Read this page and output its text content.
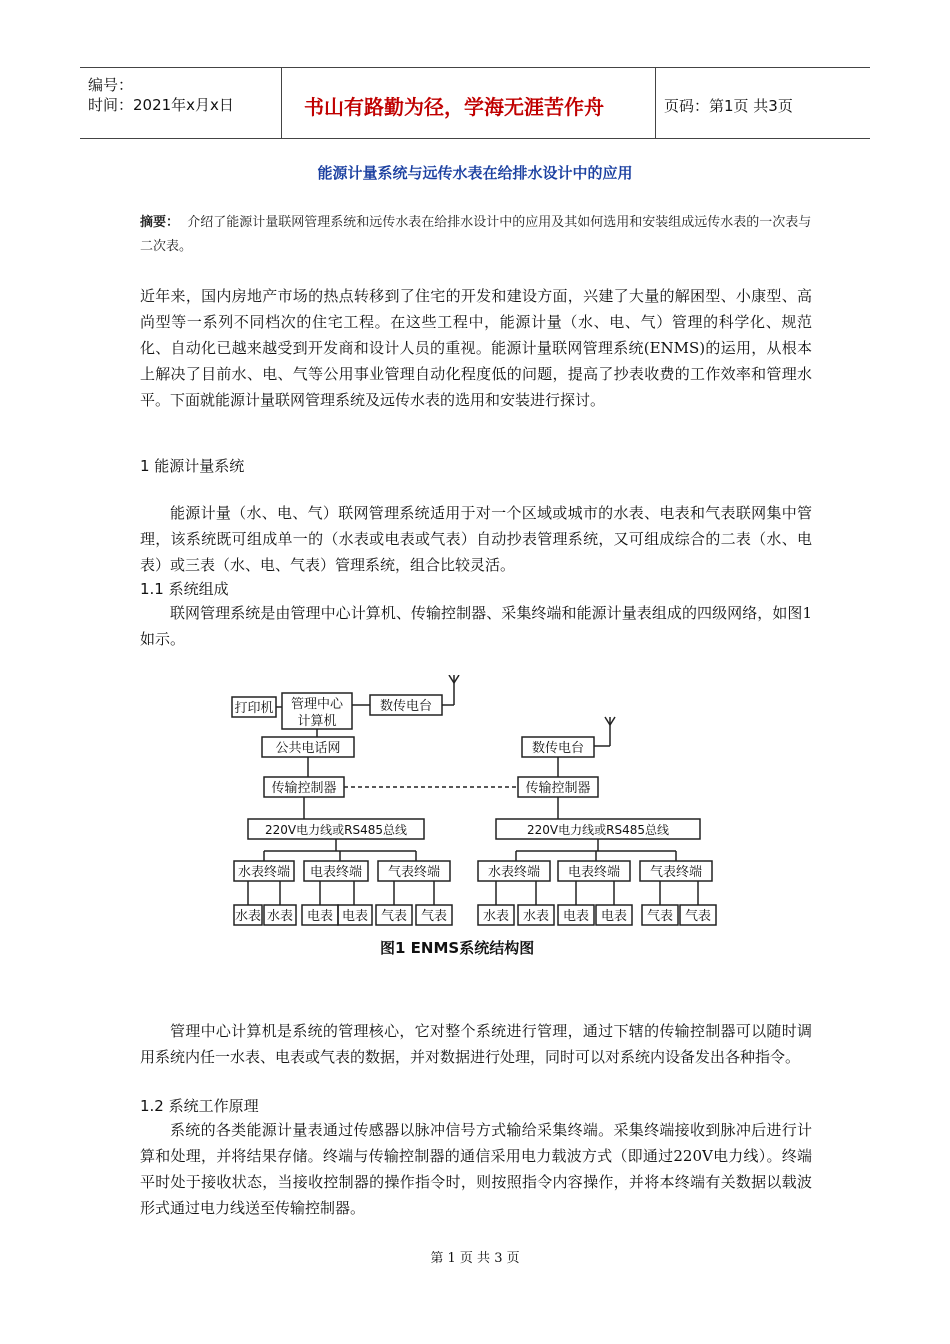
编号：
时间：2021年x月x日	书山有路勤为径，学海无涯苦作舟	页码：第1页 共3页
能源计量系统与远传水表在给排水设计中的应用
摘要： 介绍了能源计量联网管理系统和远传水表在给排水设计中的应用及其如何选用和安装组成远传水表的一次表与二次表。

近年来，国内房地产市场的热点转移到了住宅的开发和建设方面，兴建了大量的解困型、小康型、高尚型等一系列不同档次的住宅工程。在这些工程中，能源计量（水、电、气）管理的科学化、规范化、自动化已越来越受到开发商和设计人员的重视。能源计量联网管理系统(ENMS)的运用，从根本上解决了目前水、电、气等公用事业管理自动化程度低的问题，提高了抄表收费的工作效率和管理水平。下面就能源计量联网管理系统及远传水表的选用和安装进行探讨。

1 能源计量系统

能源计量（水、电、气）联网管理系统适用于对一个区域或城市的水表、电表和气表联网集中管理，该系统既可组成单一的（水表或电表或气表）自动抄表管理系统，又可组成综合的二表（水、电表）或三表（水、电、气表）管理系统，组合比较灵活。

1.1 系统组成

联网管理系统是由管理中心计算机、传输控制器、采集终端和能源计量表组成的四级网络，如图1如示。

打印机 管理中心
计算机
数传电台
公共电话网	数传电台
传输控制器	传输控制器
220V电力线或RS485总线	220V电力线或RS485总线
水表终端 电表终端 气表终端	水表终端 电表终端 气表终端
水表 水表 电表 电表 气表 气表	水表 水表 电表 电表 气表 气表
图1 ENMS系统结构图

管理中心计算机是系统的管理核心，它对整个系统进行管理，通过下辖的传输控制器可以随时调用系统内任一水表、电表或气表的数据，并对数据进行处理，同时可以对系统内设备发出各种指令。

1.2 系统工作原理

系统的各类能源计量表通过传感器以脉冲信号方式输给采集终端。采集终端接收到脉冲后进行计算和处理，并将结果存储。终端与传输控制器的通信采用电力载波方式（即通过220V电力线）。终端平时处于接收状态，当接收控制器的操作指令时，则按照指令内容操作，并将本终端有关数据以载波形式通过电力线送至传输控制器。

第 1 页 共 3 页
